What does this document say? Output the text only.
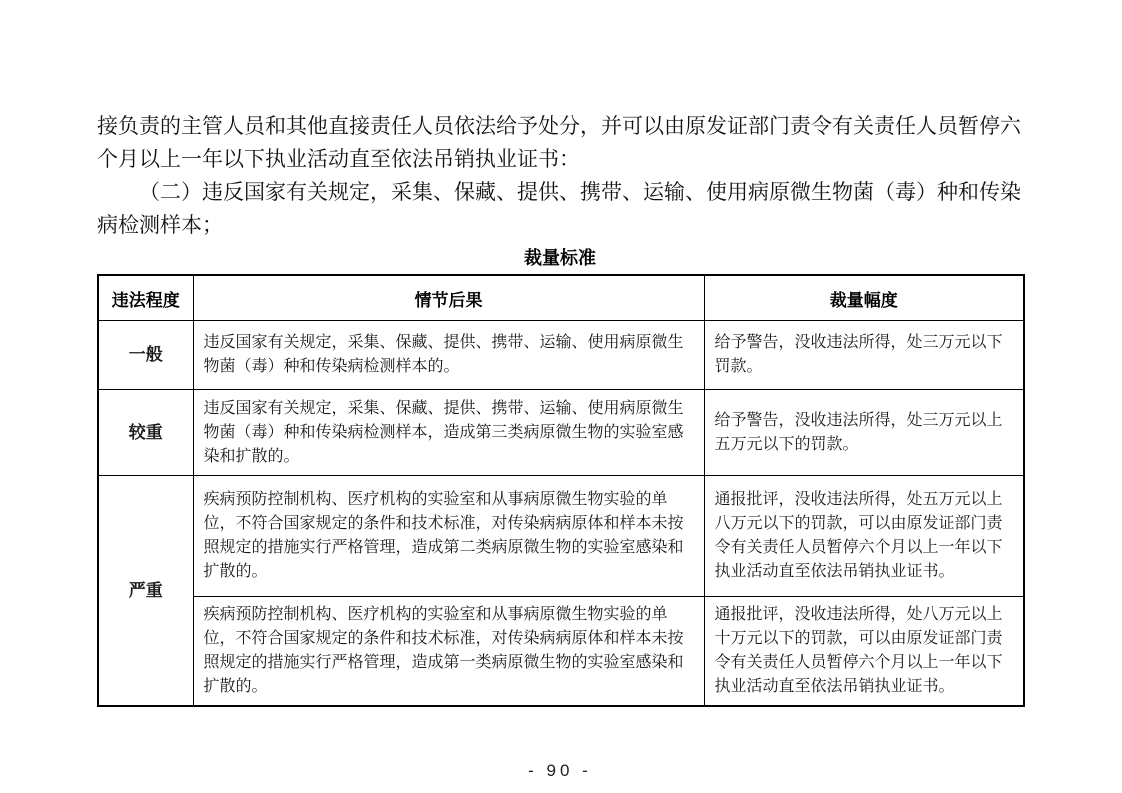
接负责的主管人员和其他直接责任人员依法给予处分，并可以由原发证部门责令有关责任人员暂停六
个月以上一年以下执业活动直至依法吊销执业证书：
（二）违反国家有关规定，采集、保藏、提供、携带、运输、使用病原微生物菌（毒）种和传染
病检测样本；
裁量标准
违法程度	情节后果	裁量幅度
一般	违反国家有关规定，采集、保藏、提供、携带、运输、使用病原微生物菌（毒）种和传染病检测样本的。	给予警告，没收违法所得，处三万元以下罚款。
较重	违反国家有关规定，采集、保藏、提供、携带、运输、使用病原微生物菌（毒）种和传染病检测样本，造成第三类病原微生物的实验室感染和扩散的。	给予警告，没收违法所得，处三万元以上五万元以下的罚款。
严重	疾病预防控制机构、医疗机构的实验室和从事病原微生物实验的单位，不符合国家规定的条件和技术标准，对传染病病原体和样本未按照规定的措施实行严格管理，造成第二类病原微生物的实验室感染和扩散的。	通报批评，没收违法所得，处五万元以上八万元以下的罚款，可以由原发证部门责令有关责任人员暂停六个月以上一年以下执业活动直至依法吊销执业证书。
	疾病预防控制机构、医疗机构的实验室和从事病原微生物实验的单位，不符合国家规定的条件和技术标准，对传染病病原体和样本未按照规定的措施实行严格管理，造成第一类病原微生物的实验室感染和扩散的。	通报批评，没收违法所得，处八万元以上十万元以下的罚款，可以由原发证部门责令有关责任人员暂停六个月以上一年以下执业活动直至依法吊销执业证书。
- 90 -
